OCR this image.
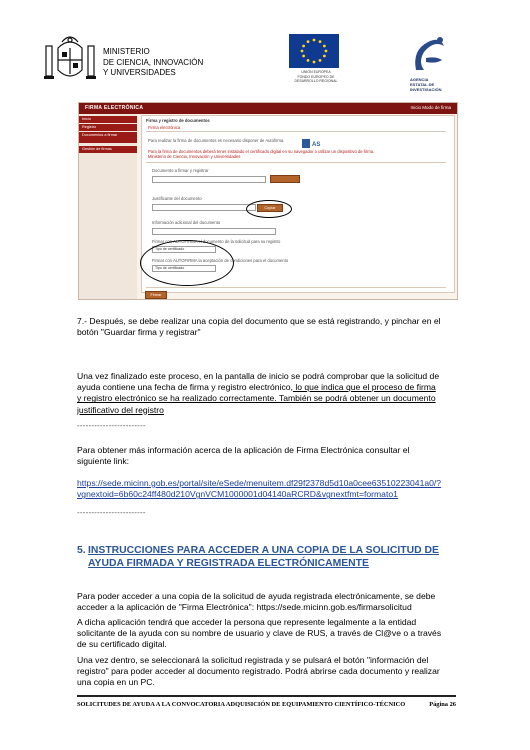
MINISTERIO
DE CIENCIA, INNOVACIÓN
Y UNIVERSIDADES	UNIÓN EUROPEA
FONDO EUROPEO DE
DESARROLLO REGIONAL	AGENCIA
ESTATAL DE
INVESTIGACIÓN
FIRMA ELECTRÓNICA	Inicio Modo de firma
Inicio
Registro
Documentos a firmar
Gestión de firmas
Firma y registro de documentos
Firma electrónica
Para realizar la firma de documentos es necesario disponer de Autofirma.
AS
Para la firma de documentos deberá tener instalado el certificado digital en su navegador o utilizar un dispositivo de firma.
Ministerio de Ciencia, Innovación y Universidades
Documento a firmar y registrar
Justificante del documento
Copiar
Información adicional del documento
Firmar con AUTOFIRMA el documento de la solicitud para su registro
Tipo de certificado
Firmar con AUTOFIRMA la aceptación de condiciones para el documento
Tipo de certificado
Firmar
7.- Después, se debe realizar una copia del documento que se está registrando, y pinchar en el
botón "Guardar firma y registrar"
Una vez finalizado este proceso, en la pantalla de inicio se podrá comprobar que la solicitud de
ayuda contiene una fecha de firma y registro electrónico, lo que indica que el proceso de firma
y registro electrónico se ha realizado correctamente. También se podrá obtener un documento
justificativo del registro
------------------------
Para obtener más información acerca de la aplicación de Firma Electrónica consultar el
siguiente link:
https://sede.micinn.gob.es/portal/site/eSede/menuitem.df29f2378d5d10a0cee63510223041a0/?
vgnextoid=6b60c24ff480d210VgnVCM1000001d04140aRCRD&vgnextfmt=formato1
------------------------
5. INSTRUCCIONES PARA ACCEDER A UNA COPIA DE LA SOLICITUD DE
AYUDA FIRMADA Y REGISTRADA ELECTRÓNICAMENTE
Para poder acceder a una copia de la solicitud de ayuda registrada electrónicamente, se debe
acceder a la aplicación de "Firma Electrónica": https://sede.micinn.gob.es/firmarsolicitud
A dicha aplicación tendrá que acceder la persona que represente legalmente a la entidad
solicitante de la ayuda con su nombre de usuario y clave de RUS, a través de Cl@ve o a través
de su certificado digital.
Una vez dentro, se seleccionará la solicitud registrada y se pulsará el botón "información del
registro" para poder acceder al documento registrado. Podrá abrirse cada documento y realizar
una copia en un PC.
SOLICITUDES DE AYUDA A LA CONVOCATORIA ADQUISICIÓN DE EQUIPAMIENTO CIENTÍFICO-TÉCNICO	Página 26
